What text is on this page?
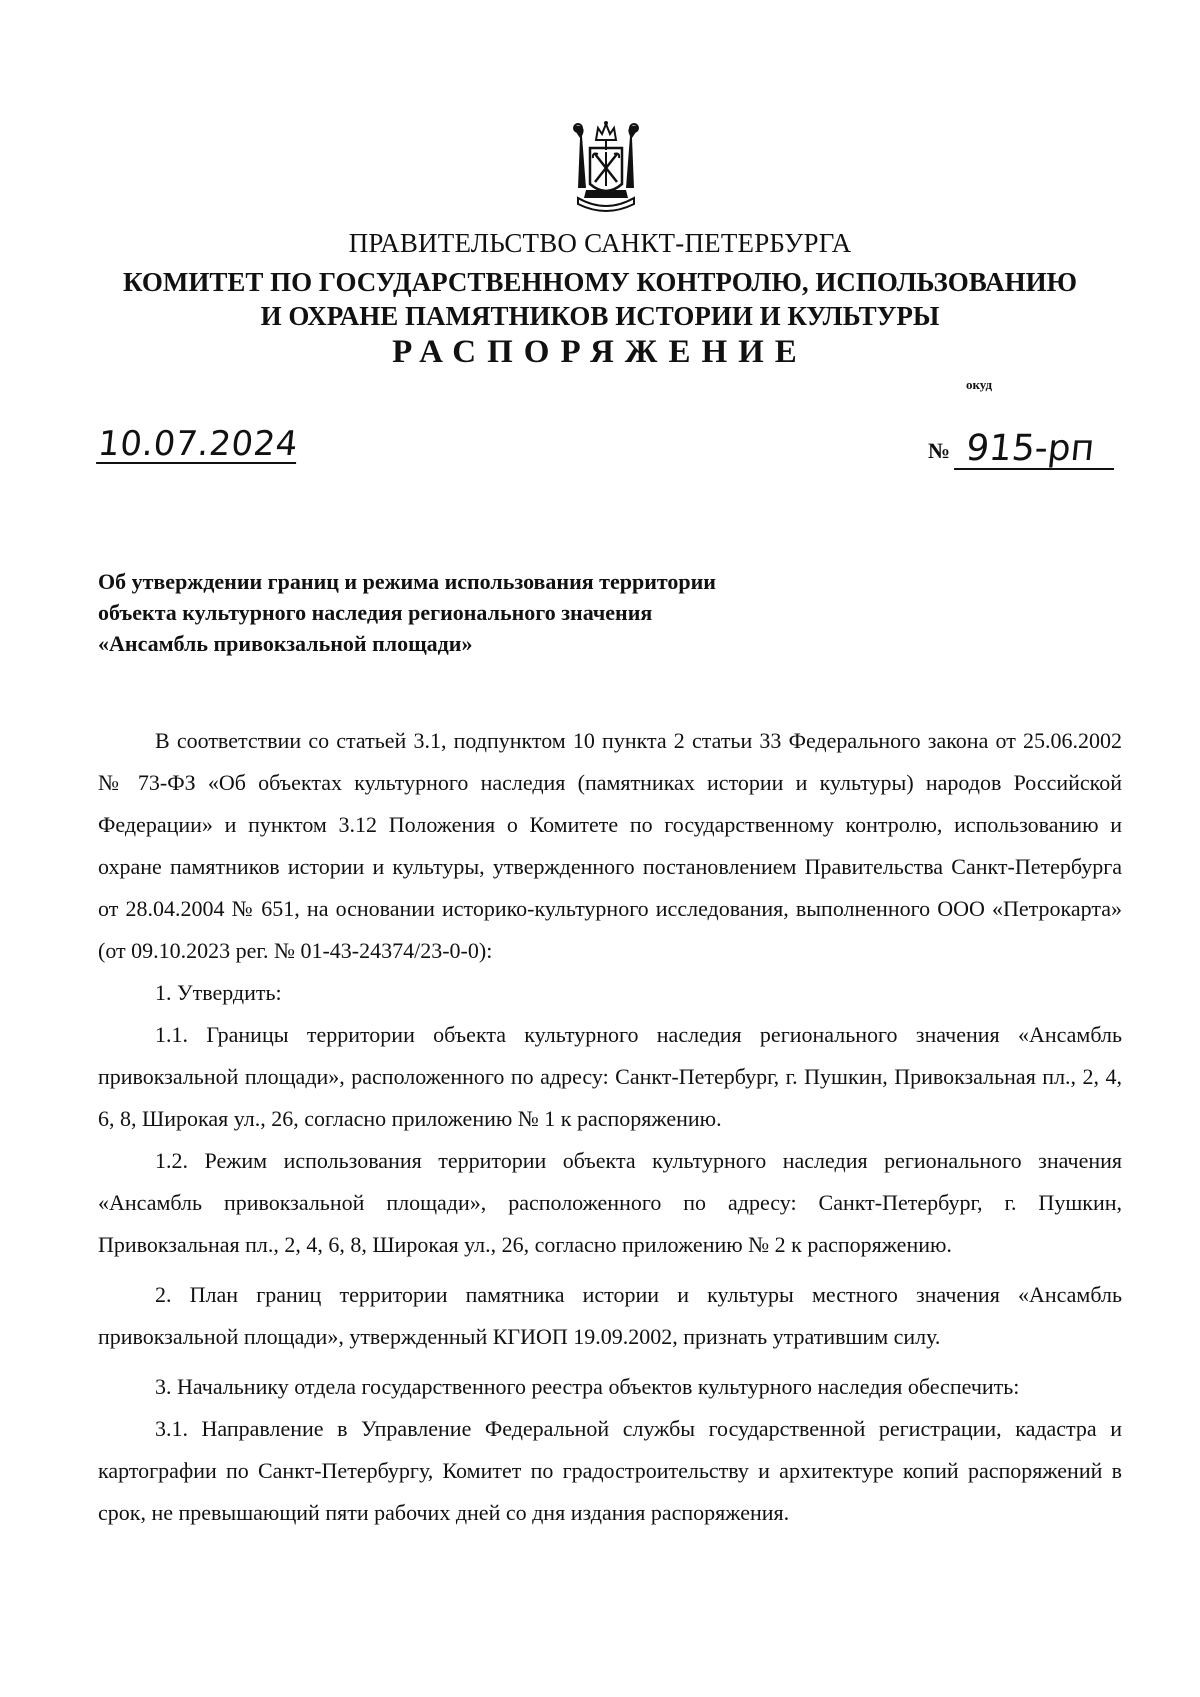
ПРАВИТЕЛЬСТВО САНКТ-ПЕТЕРБУРГА
КОМИТЕТ ПО ГОСУДАРСТВЕННОМУ КОНТРОЛЮ, ИСПОЛЬЗОВАНИЮ
И ОХРАНЕ ПАМЯТНИКОВ ИСТОРИИ И КУЛЬТУРЫ
РАСПОРЯЖЕНИЕ
окуд
10.07.2024	№ 915-рп
Об утверждении границ и режима использования территории
объекта культурного наследия регионального значения
«Ансамбль привокзальной площади»

В соответствии со статьей 3.1, подпунктом 10 пункта 2 статьи 33 Федерального закона от 25.06.2002 № 73-ФЗ «Об объектах культурного наследия (памятниках истории и культуры) народов Российской Федерации» и пунктом 3.12 Положения о Комитете по государственному контролю, использованию и охране памятников истории и культуры, утвержденного постановлением Правительства Санкт-Петербурга от 28.04.2004 № 651, на основании историко-культурного исследования, выполненного ООО «Петрокарта» (от 09.10.2023 рег. № 01-43-24374/23-0-0):

1. Утвердить:

1.1. Границы территории объекта культурного наследия регионального значения «Ансамбль привокзальной площади», расположенного по адресу: Санкт-Петербург, г. Пушкин, Привокзальная пл., 2, 4, 6, 8, Широкая ул., 26, согласно приложению № 1 к распоряжению.

1.2. Режим использования территории объекта культурного наследия регионального значения «Ансамбль привокзальной площади», расположенного по адресу: Санкт-Петербург, г. Пушкин, Привокзальная пл., 2, 4, 6, 8, Широкая ул., 26, согласно приложению № 2 к распоряжению.

2. План границ территории памятника истории и культуры местного значения «Ансамбль привокзальной площади», утвержденный КГИОП 19.09.2002, признать утратившим силу.

3. Начальнику отдела государственного реестра объектов культурного наследия обеспечить:

3.1. Направление в Управление Федеральной службы государственной регистрации, кадастра и картографии по Санкт-Петербургу, Комитет по градостроительству и архитектуре копий распоряжений в срок, не превышающий пяти рабочих дней со дня издания распоряжения.
